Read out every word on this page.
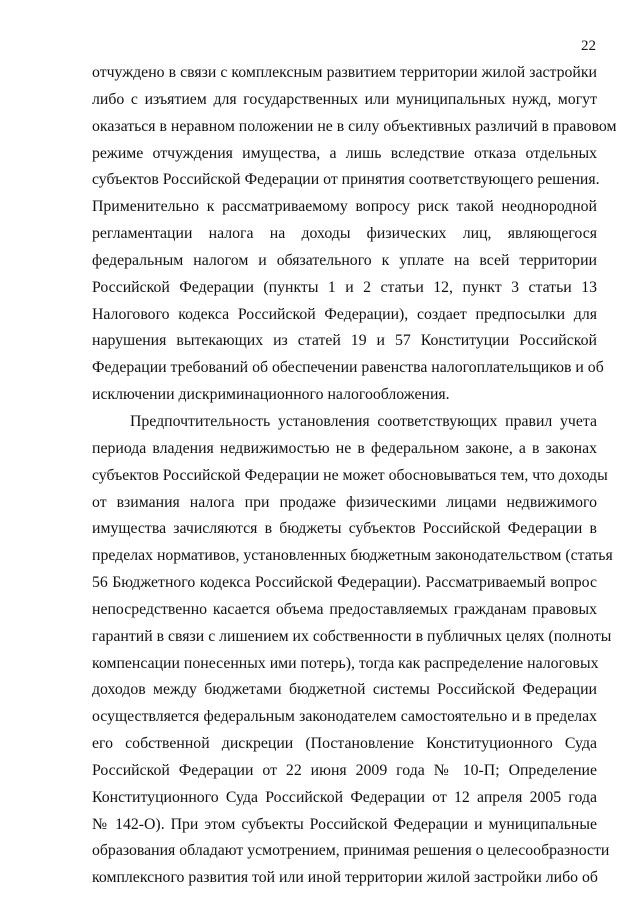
22
отчуждено в связи с комплексным развитием территории жилой застройки
либо с изъятием для государственных или муниципальных нужд, могут
оказаться в неравном положении не в силу объективных различий в правовом
режиме отчуждения имущества, а лишь вследствие отказа отдельных
субъектов Российской Федерации от принятия соответствующего решения.
Применительно к рассматриваемому вопросу риск такой неоднородной
регламентации налога на доходы физических лиц, являющегося
федеральным налогом и обязательного к уплате на всей территории
Российской Федерации (пункты 1 и 2 статьи 12, пункт 3 статьи 13
Налогового кодекса Российской Федерации), создает предпосылки для
нарушения вытекающих из статей 19 и 57 Конституции Российской
Федерации требований об обеспечении равенства налогоплательщиков и об
исключении дискриминационного налогообложения.
Предпочтительность установления соответствующих правил учета
периода владения недвижимостью не в федеральном законе, а в законах
субъектов Российской Федерации не может обосновываться тем, что доходы
от взимания налога при продаже физическими лицами недвижимого
имущества зачисляются в бюджеты субъектов Российской Федерации в
пределах нормативов, установленных бюджетным законодательством (статья
56 Бюджетного кодекса Российской Федерации). Рассматриваемый вопрос
непосредственно касается объема предоставляемых гражданам правовых
гарантий в связи с лишением их собственности в публичных целях (полноты
компенсации понесенных ими потерь), тогда как распределение налоговых
доходов между бюджетами бюджетной системы Российской Федерации
осуществляется федеральным законодателем самостоятельно и в пределах
его собственной дискреции (Постановление Конституционного Суда
Российской Федерации от 22 июня 2009 года № 10-П; Определение
Конституционного Суда Российской Федерации от 12 апреля 2005 года
№ 142-О). При этом субъекты Российской Федерации и муниципальные
образования обладают усмотрением, принимая решения о целесообразности
комплексного развития той или иной территории жилой застройки либо об
